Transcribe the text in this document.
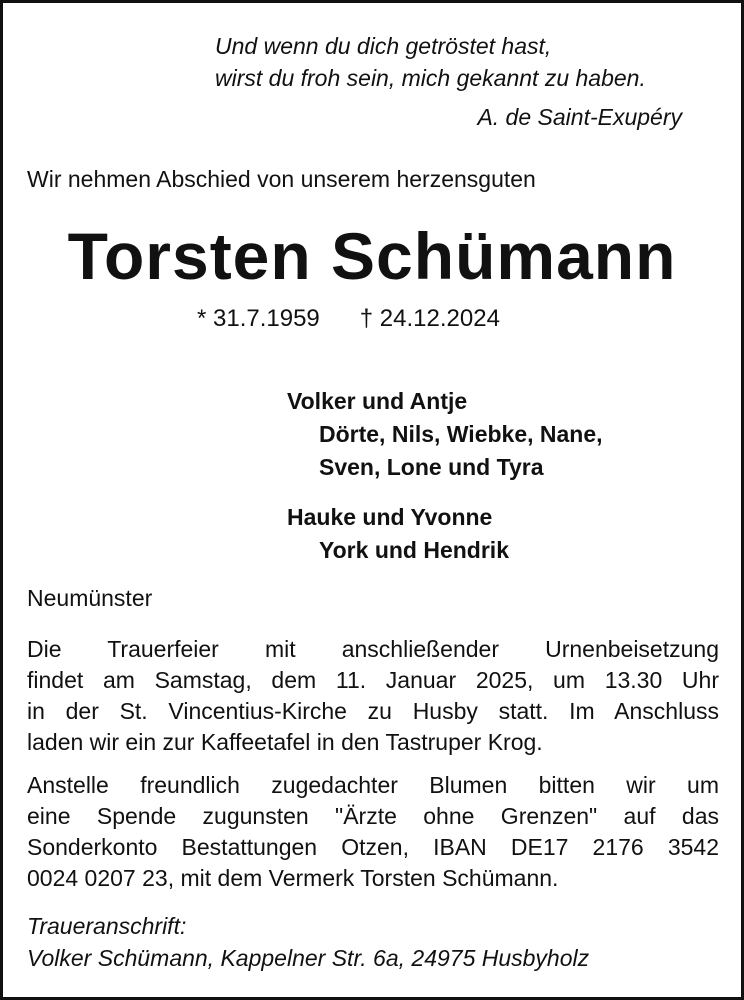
Und wenn du dich getröstet hast,
wirst du froh sein, mich gekannt zu haben.
A. de Saint-Exupéry
Wir nehmen Abschied von unserem herzensguten
Torsten Schümann
* 31.7.1959 † 24.12.2024
Volker und Antje
Dörte, Nils, Wiebke, Nane,
Sven, Lone und Tyra
Hauke und Yvonne
York und Hendrik
Neumünster
Die Trauerfeier mit anschließender Urnenbeisetzung
findet am Samstag, dem 11. Januar 2025, um 13.30 Uhr
in der St. Vincentius-Kirche zu Husby statt. Im Anschluss
laden wir ein zur Kaffeetafel in den Tastruper Krog.
Anstelle freundlich zugedachter Blumen bitten wir um
eine Spende zugunsten "Ärzte ohne Grenzen" auf das
Sonderkonto Bestattungen Otzen, IBAN DE17 2176 3542
0024 0207 23, mit dem Vermerk Torsten Schümann.
Traueranschrift:
Volker Schümann, Kappelner Str. 6a, 24975 Husbyholz
